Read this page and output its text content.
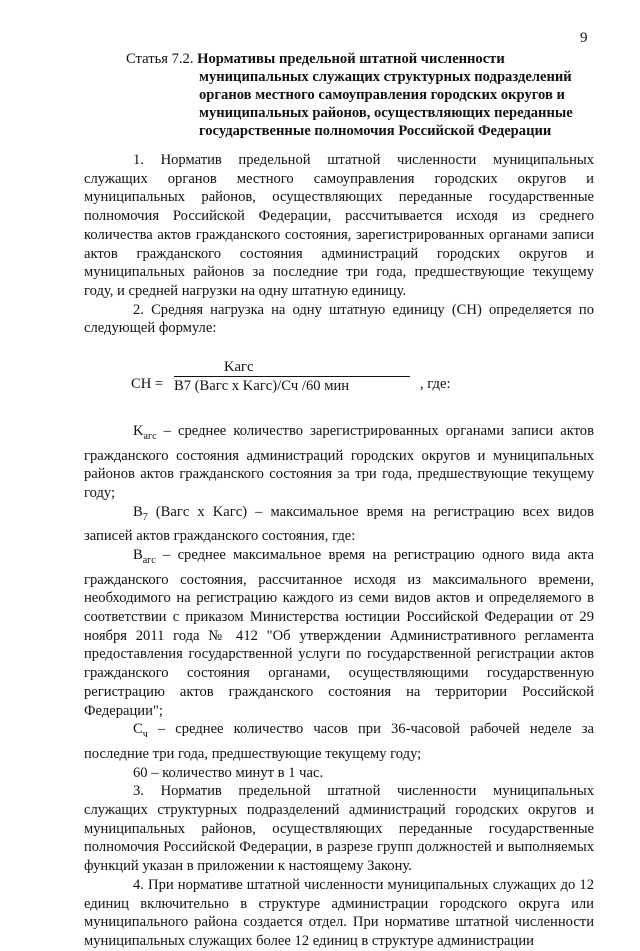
9
Статья 7.2. Нормативы предельной штатной численности
муниципальных служащих структурных подразделений
органов местного самоуправления городских округов и
муниципальных районов, осуществляющих переданные
государственные полномочия Российской Федерации

1. Норматив предельной штатной численности муниципальных служащих органов местного самоуправления городских округов и муниципальных районов, осуществляющих переданные государственные полномочия Российской Федерации, рассчитывается исходя из среднего количества актов гражданского состояния, зарегистрированных органами записи актов гражданского состояния администраций городских округов и муниципальных районов за последние три года, предшествующие текущему году, и средней нагрузки на одну штатную единицу.

2. Средняя нагрузка на одну штатную единицу (СН) определяется по следующей формуле:

СН =
Kагс
B7 (Bагс x Kагс)/Cч /60 мин	, где:

$K_{агс}$ – среднее количество зарегистрированных органами записи актов гражданского состояния администраций городских округов и муниципальных районов актов гражданского состояния за три года, предшествующие текущему году;

$B_7$ (Bагс x Kагс) – максимальное время на регистрацию всех видов записей актов гражданского состояния, где:

$B_{агс}$ – среднее максимальное время на регистрацию одного вида акта гражданского состояния, рассчитанное исходя из максимального времени, необходимого на регистрацию каждого из семи видов актов и определяемого в соответствии с приказом Министерства юстиции Российской Федерации от 29 ноября 2011 года № 412 "Об утверждении Административного регламента предоставления государственной услуги по государственной регистрации актов гражданского состояния органами, осуществляющими государственную регистрацию актов гражданского состояния на территории Российской Федерации";

$C_ч$ – среднее количество часов при 36-часовой рабочей неделе за последние три года, предшествующие текущему году;

60 – количество минут в 1 час.

3. Норматив предельной штатной численности муниципальных служащих структурных подразделений администраций городских округов и муниципальных районов, осуществляющих переданные государственные полномочия Российской Федерации, в разрезе групп должностей и выполняемых функций указан в приложении к настоящему Закону.

4. При нормативе штатной численности муниципальных служащих до 12 единиц включительно в структуре администрации городского округа или муниципального района создается отдел. При нормативе штатной численности муниципальных служащих более 12 единиц в структуре администрации
